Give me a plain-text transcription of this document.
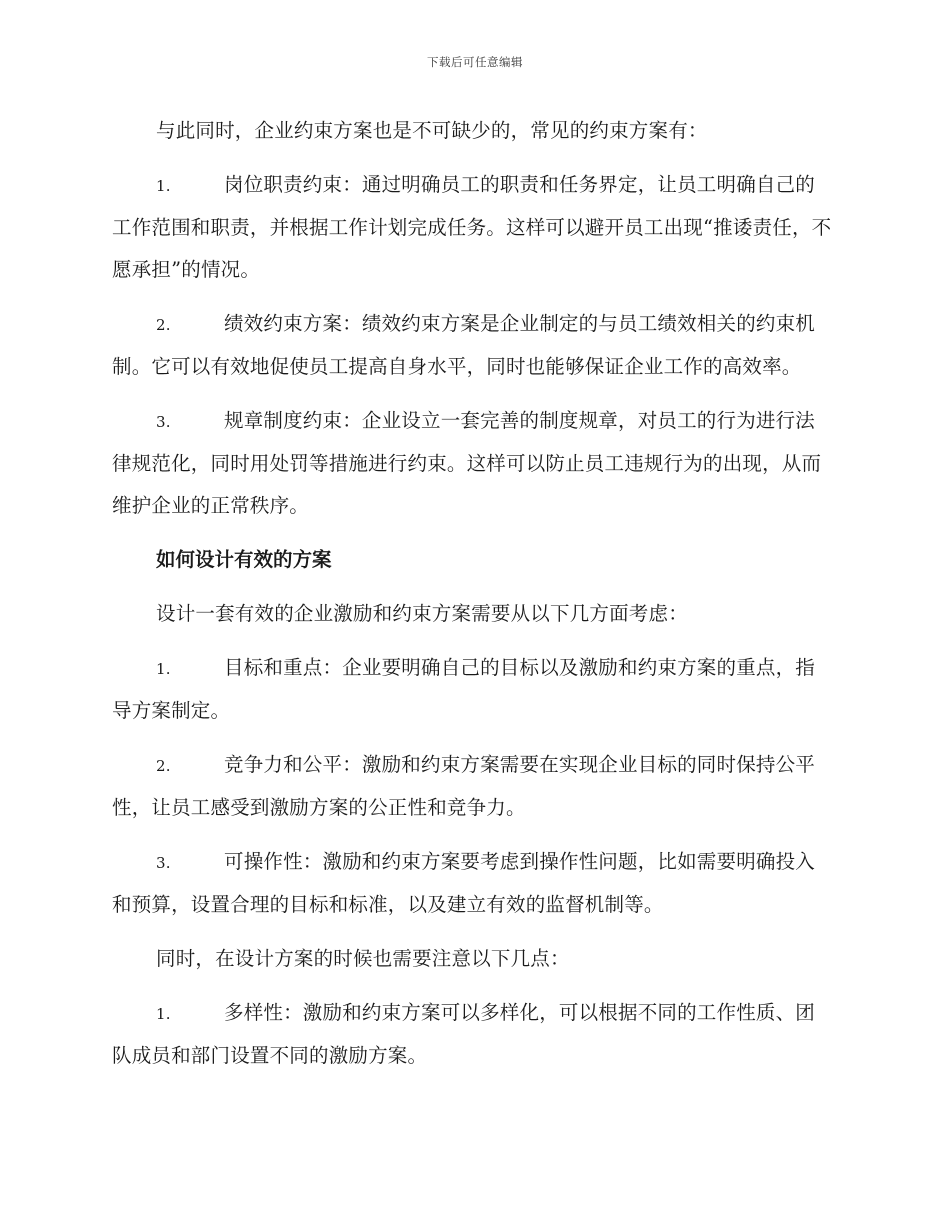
下载后可任意编辑

与此同时，企业约束方案也是不可缺少的，常见的约束方案有：

1.	岗位职责约束：通过明确员工的职责和任务界定，让员工明确自己的工作范围和职责，并根据工作计划完成任务。这样可以避开员工出现“推诿责任，不愿承担”的情况。

2.	绩效约束方案：绩效约束方案是企业制定的与员工绩效相关的约束机制。它可以有效地促使员工提高自身水平，同时也能够保证企业工作的高效率。

3.	规章制度约束：企业设立一套完善的制度规章，对员工的行为进行法律规范化，同时用处罚等措施进行约束。这样可以防止员工违规行为的出现，从而维护企业的正常秩序。

如何设计有效的方案

设计一套有效的企业激励和约束方案需要从以下几方面考虑：

1.	目标和重点：企业要明确自己的目标以及激励和约束方案的重点，指导方案制定。

2.	竞争力和公平：激励和约束方案需要在实现企业目标的同时保持公平性，让员工感受到激励方案的公正性和竞争力。

3.	可操作性：激励和约束方案要考虑到操作性问题，比如需要明确投入和预算，设置合理的目标和标准，以及建立有效的监督机制等。

同时，在设计方案的时候也需要注意以下几点：

1.	多样性：激励和约束方案可以多样化，可以根据不同的工作性质、团队成员和部门设置不同的激励方案。
